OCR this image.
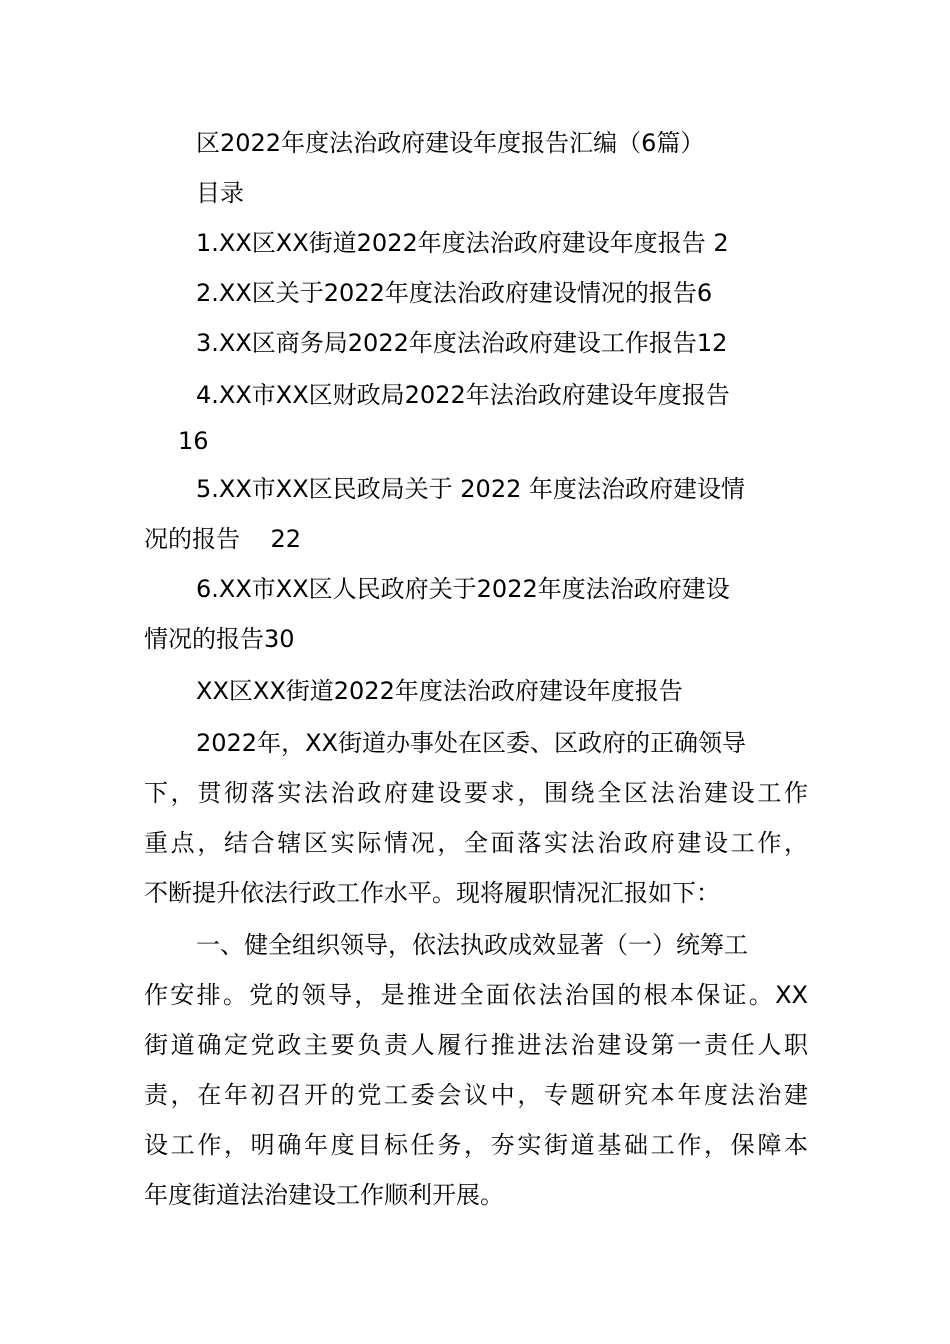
区2022年度法治政府建设年度报告汇编（6篇）
目录
1.XX区XX街道2022年度法治政府建设年度报告 2
2.XX区关于2022年度法治政府建设情况的报告6
3.XX区商务局2022年度法治政府建设工作报告12
4.XX市XX区财政局2022年法治政府建设年度报告
16
5.XX市XX区民政局关于 2022 年度法治政府建设情
况的报告    22
6.XX市XX区人民政府关于2022年度法治政府建设
情况的报告30
XX区XX街道2022年度法治政府建设年度报告
2022年，XX街道办事处在区委、区政府的正确领导
下，贯彻落实法治政府建设要求，围绕全区法治建设工作
重点，结合辖区实际情况，全面落实法治政府建设工作，
不断提升依法行政工作水平。现将履职情况汇报如下：
一、健全组织领导，依法执政成效显著（一）统筹工
作安排。党的领导，是推进全面依法治国的根本保证。XX
街道确定党政主要负责人履行推进法治建设第一责任人职
责，在年初召开的党工委会议中，专题研究本年度法治建
设工作，明确年度目标任务，夯实街道基础工作，保障本
年度街道法治建设工作顺利开展。
